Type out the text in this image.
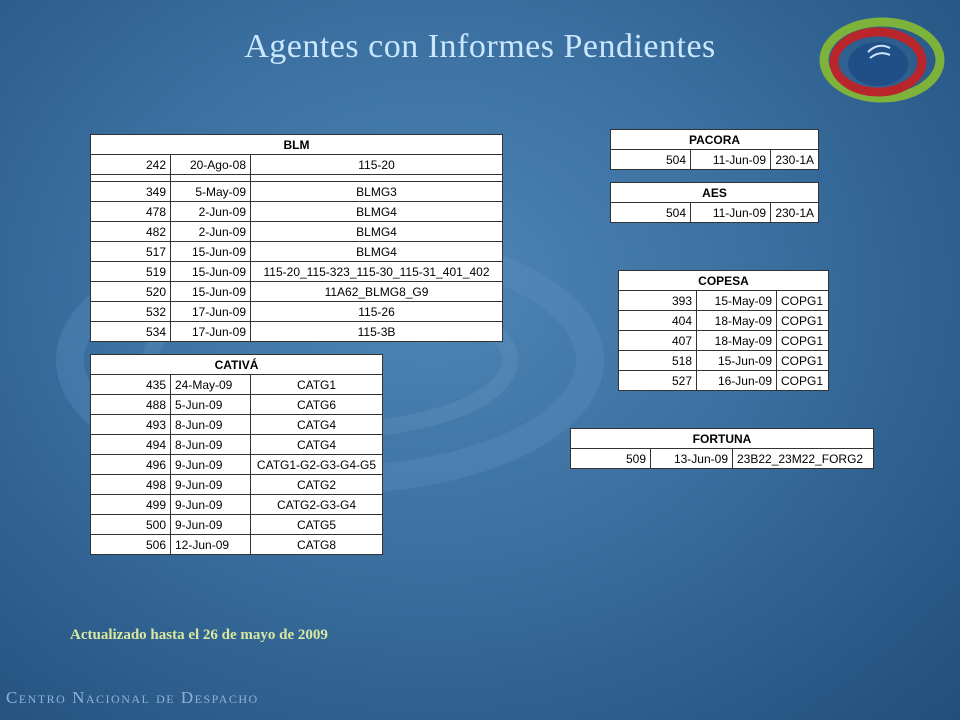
Agentes con Informes Pendientes
BLM		
242	20-Ago-08	115-20

349	5-May-09	BLMG3
478	2-Jun-09	BLMG4
482	2-Jun-09	BLMG4
517	15-Jun-09	BLMG4
519	15-Jun-09	115-20_115-323_115-30_115-31_401_402
520	15-Jun-09	11A62_BLMG8_G9
532	17-Jun-09	115-26
534	17-Jun-09	115-3B
CATIVÁ		
435	24-May-09	CATG1
488	5-Jun-09	CATG6
493	8-Jun-09	CATG4
494	8-Jun-09	CATG4
496	9-Jun-09	CATG1-G2-G3-G4-G5
498	9-Jun-09	CATG2
499	9-Jun-09	CATG2-G3-G4
500	9-Jun-09	CATG5
506	12-Jun-09	CATG8
PACORA
504	11-Jun-09	230-1A
AES
504	11-Jun-09	230-1A
COPESA		
393	15-May-09	COPG1
404	18-May-09	COPG1
407	18-May-09	COPG1
518	15-Jun-09	COPG1
527	16-Jun-09	COPG1
FORTUNA
509	13-Jun-09	23B22_23M22_FORG2
Actualizado hasta el 26 de mayo de 2009
Centro Nacional de Despacho
